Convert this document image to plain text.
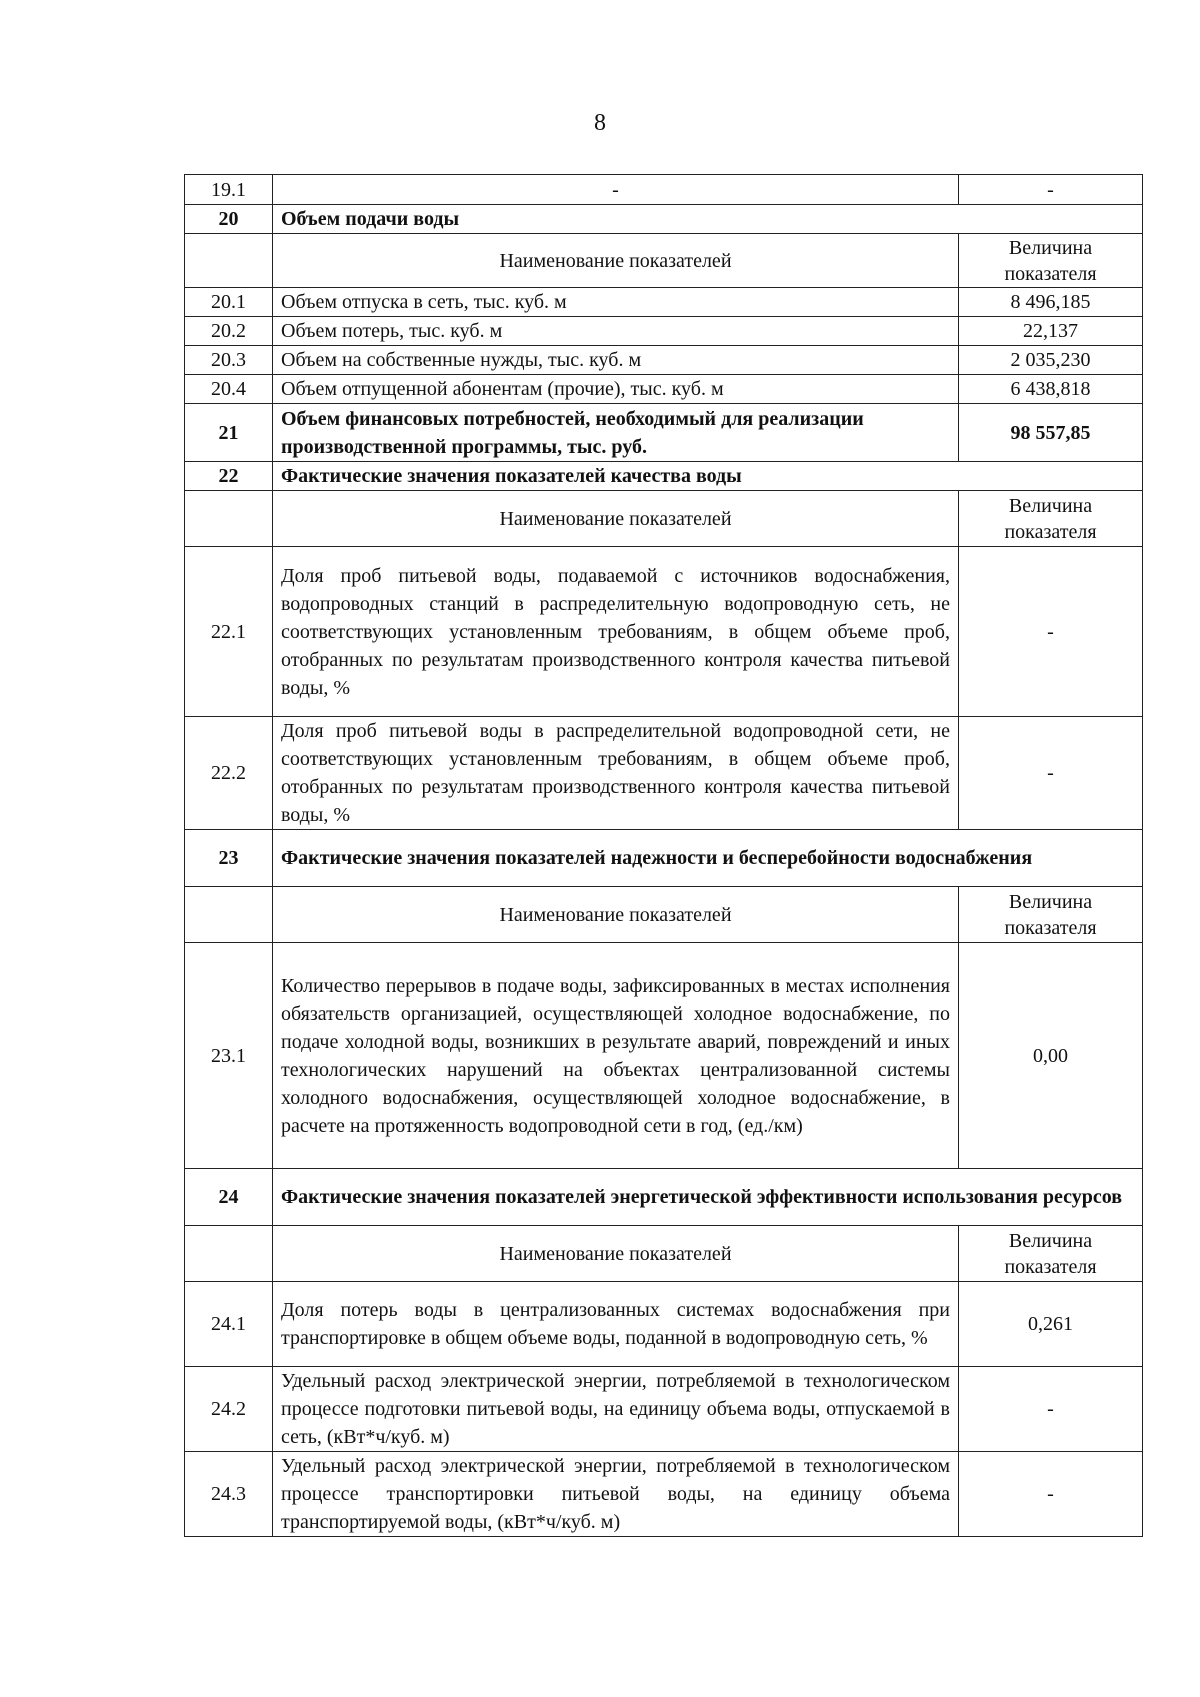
8
19.1	-	-
20	Объем подачи воды	
	Наименование показателей	Величина показателя
20.1	Объем отпуска в сеть, тыс. куб. м	8 496,185
20.2	Объем потерь, тыс. куб. м	22,137
20.3	Объем на собственные нужды, тыс. куб. м	2 035,230
20.4	Объем отпущенной абонентам (прочие), тыс. куб. м	6 438,818
21	Объем финансовых потребностей, необходимый для реализации производственной программы, тыс. руб.	98 557,85
22	Фактические значения показателей качества воды	
	Наименование показателей	Величина показателя
22.1	Доля проб питьевой воды, подаваемой с источников водоснабжения, водопроводных станций в распределительную водопроводную сеть, не соответствующих установленным требованиям, в общем объеме проб, отобранных по результатам производственного контроля качества питьевой воды, %	-
22.2	Доля проб питьевой воды в распределительной водопроводной сети, не соответствующих установленным требованиям, в общем объеме проб, отобранных по результатам производственного контроля качества питьевой воды, %	-
23	Фактические значения показателей надежности и бесперебойности водоснабжения	
	Наименование показателей	Величина показателя
23.1	Количество перерывов в подаче воды, зафиксированных в местах исполнения обязательств организацией, осуществляющей холодное водоснабжение, по подаче холодной воды, возникших в результате аварий, повреждений и иных технологических нарушений на объектах централизованной системы холодного водоснабжения, осуществляющей холодное водоснабжение, в расчете на протяженность водопроводной сети в год, (ед./км)	0,00
24	Фактические значения показателей энергетической эффективности использования ресурсов	
	Наименование показателей	Величина показателя
24.1	Доля потерь воды в централизованных системах водоснабжения при транспортировке в общем объеме воды, поданной в водопроводную сеть, %	0,261
24.2	Удельный расход электрической энергии, потребляемой в технологическом процессе подготовки питьевой воды, на единицу объема воды, отпускаемой в сеть, (кВт*ч/куб. м)	-
24.3	Удельный расход электрической энергии, потребляемой в технологическом процессе транспортировки питьевой воды, на единицу объема транспортируемой воды, (кВт*ч/куб. м)	-
